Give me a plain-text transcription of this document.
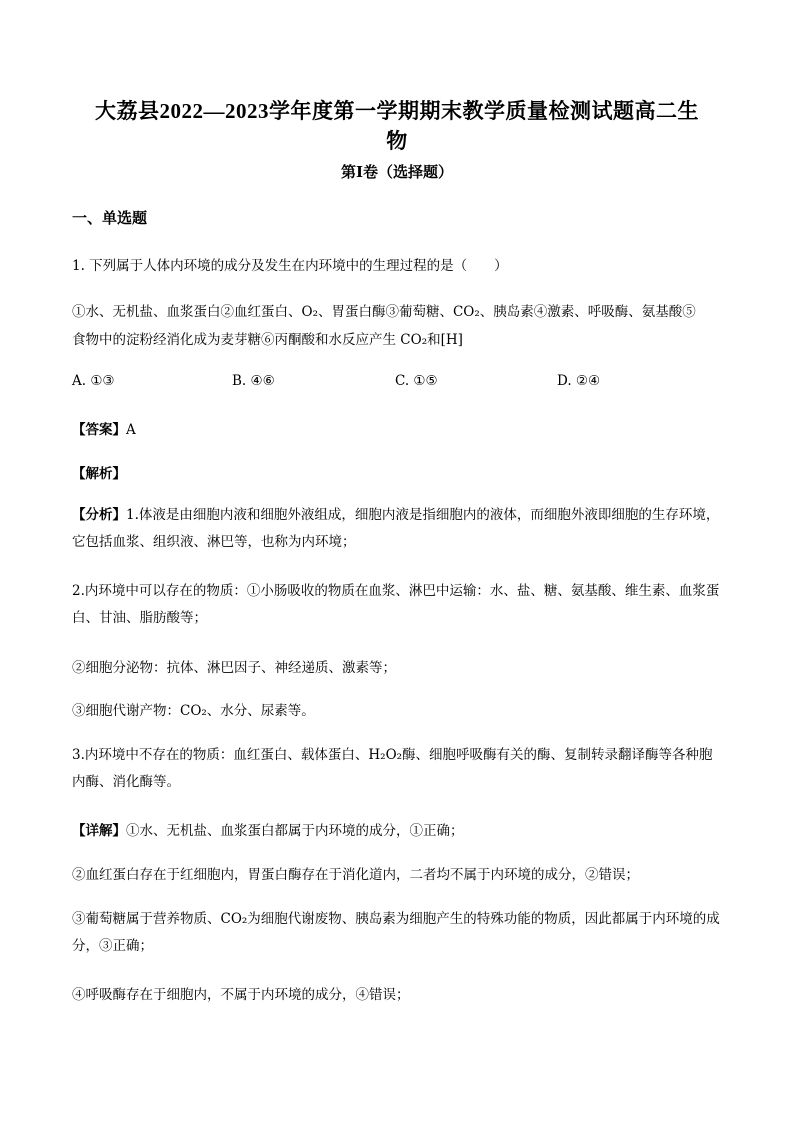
大荔县2022—2023学年度第一学期期末教学质量检测试题高二生
物
第I卷（选择题）
一、单选题
1. 下列属于人体内环境的成分及发生在内环境中的生理过程的是（　　）
①水、无机盐、血浆蛋白②血红蛋白、O₂、胃蛋白酶③葡萄糖、CO₂、胰岛素④激素、呼吸酶、氨基酸⑤
食物中的淀粉经消化成为麦芽糖⑥丙酮酸和水反应产生 CO₂和[H]
A. ①③	B. ④⑥	C. ①⑤	D. ②④
【答案】A
【解析】
【分析】1.体液是由细胞内液和细胞外液组成，细胞内液是指细胞内的液体，而细胞外液即细胞的生存环境，它包括血浆、组织液、淋巴等，也称为内环境；
2.内环境中可以存在的物质：①小肠吸收的物质在血浆、淋巴中运输：水、盐、糖、氨基酸、维生素、血浆蛋白、甘油、脂肪酸等；
②细胞分泌物：抗体、淋巴因子、神经递质、激素等；
③细胞代谢产物：CO₂、水分、尿素等。
3.内环境中不存在的物质：血红蛋白、载体蛋白、H₂O₂酶、细胞呼吸酶有关的酶、复制转录翻译酶等各种胞内酶、消化酶等。
【详解】①水、无机盐、血浆蛋白都属于内环境的成分，①正确；
②血红蛋白存在于红细胞内，胃蛋白酶存在于消化道内，二者均不属于内环境的成分，②错误；
③葡萄糖属于营养物质、CO₂为细胞代谢废物、胰岛素为细胞产生的特殊功能的物质，因此都属于内环境的成分，③正确；
④呼吸酶存在于细胞内，不属于内环境的成分，④错误；
